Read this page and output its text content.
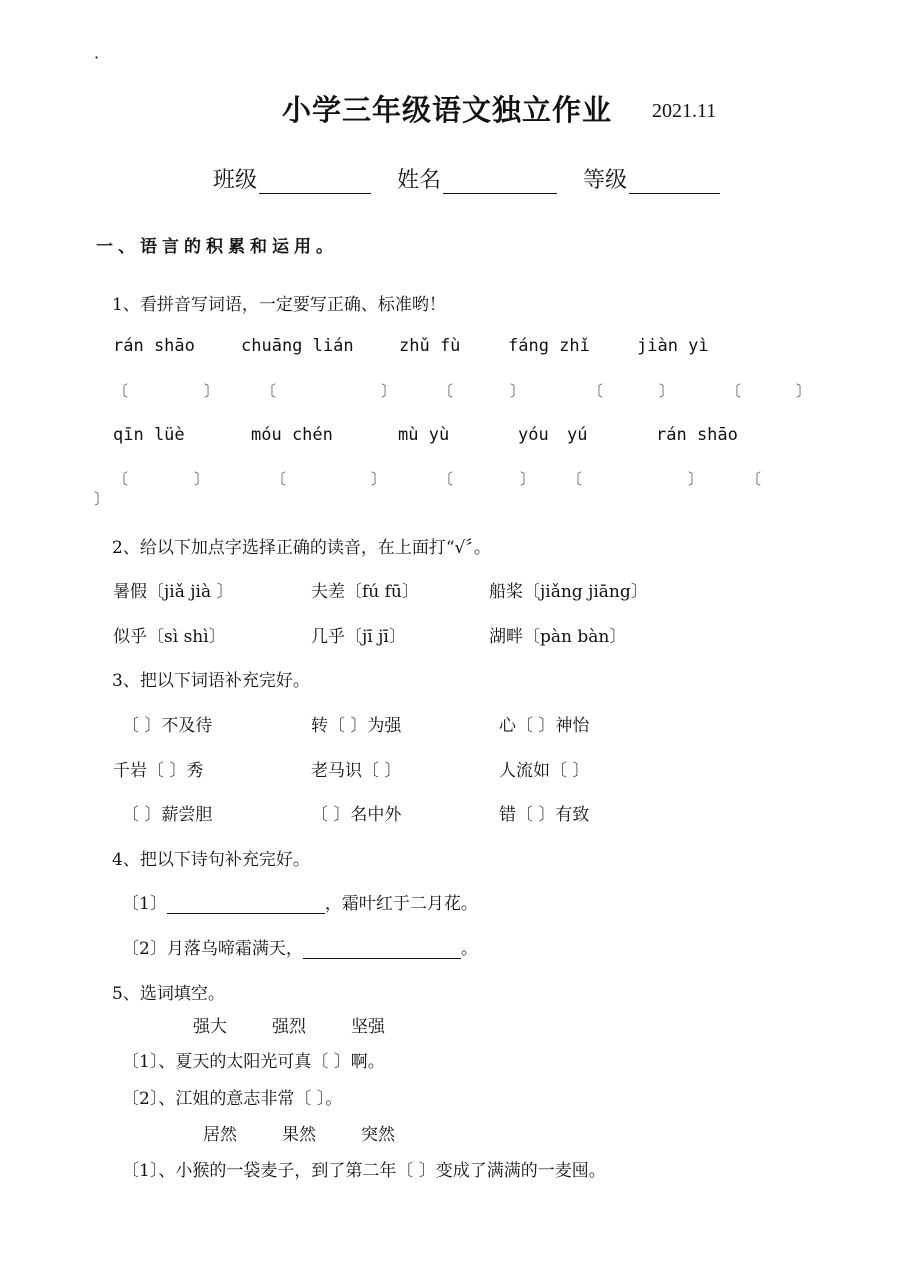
·
小学三年级语文独立作业 2021.11
班级	姓名	等级
一、语言的积累和运用。
1、看拼音写词语，一定要写正确、标准哟！
rán shāo	chuāng lián	zhǔ fù	fáng zhǐ	jiàn yì
〔	〕	〔	〕	〔	〕	〔	〕	〔	〕
qīn lüè	móu chén	mù yù	yóu yú	rán shāo
〔	〕	〔	〕	〔	〕 〔	〕	〔
〕
2、给以下加点字选择正确的读音，在上面打“√〞。
暑假〔jiǎ jià 〕	夫差〔fú fū〕	船桨〔jiǎng jiāng〕
似乎〔sì shì〕	几乎〔jī jī〕	湖畔〔pàn bàn〕
3、把以下词语补充完好。
〔 〕不及待	转〔 〕为强	心〔 〕神怡
千岩〔 〕秀	老马识〔 〕	人流如〔 〕
〔 〕薪尝胆	〔 〕名中外	错〔 〕有致
4、把以下诗句补充完好。
〔1〕	，霜叶红于二月花。
〔2〕月落乌啼霜满天，	。
5、选词填空。
强大	强烈	坚强
〔1〕、夏天的太阳光可真〔 〕啊。
〔2〕、江姐的意志非常〔 〕。
居然	果然	突然
〔1〕、小猴的一袋麦子，到了第二年〔 〕变成了满满的一麦囤。
